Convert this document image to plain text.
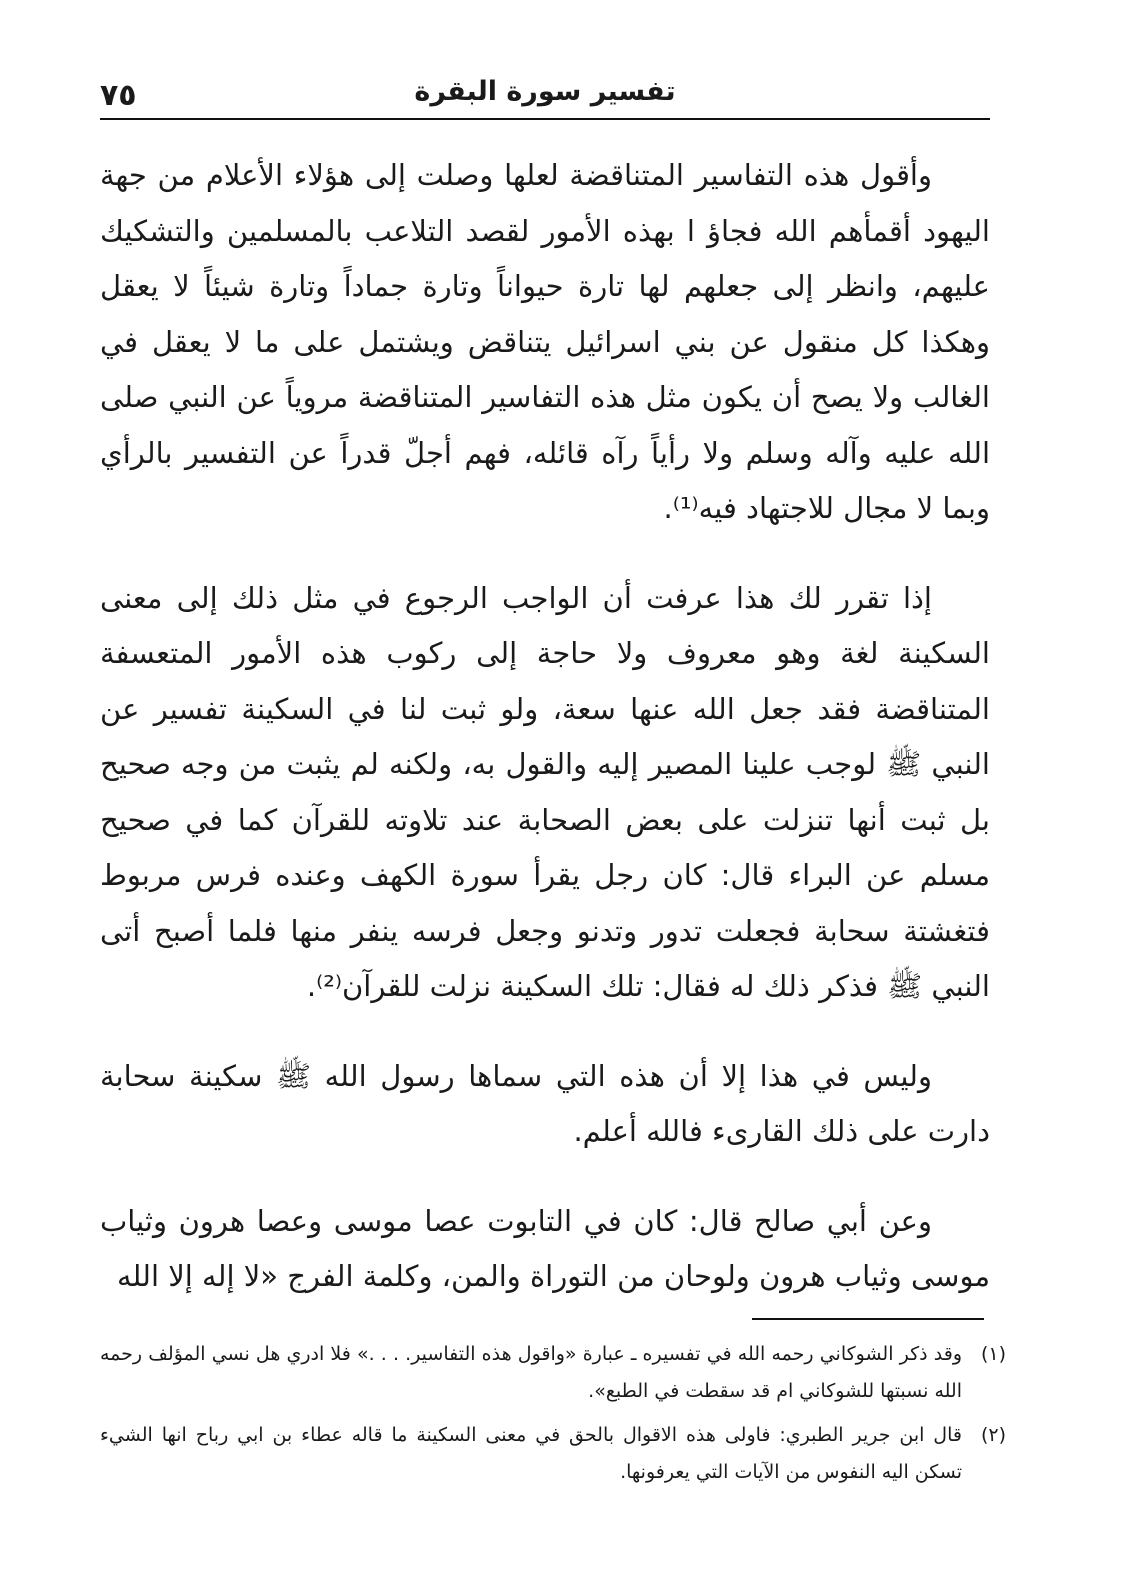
٧٥	تفسير سورة البقرة

وأقول هذه التفاسير المتناقضة لعلها وصلت إلى هؤلاء الأعلام من جهة اليهود أقمأهم الله فجاؤ ا بهذه الأمور لقصد التلاعب بالمسلمين والتشكيك عليهم، وانظر إلى جعلهم لها تارة حيواناً وتارة جماداً وتارة شيئاً لا يعقل وهكذا كل منقول عن بني اسرائيل يتناقض ويشتمل على ما لا يعقل في الغالب ولا يصح أن يكون مثل هذه التفاسير المتناقضة مروياً عن النبي صلى الله عليه وآله وسلم ولا رأياً رآه قائله، فهم أجلّ قدراً عن التفسير بالرأي وبما لا مجال للاجتهاد فيه⁽¹⁾.

إذا تقرر لك هذا عرفت أن الواجب الرجوع في مثل ذلك إلى معنى السكينة لغة وهو معروف ولا حاجة إلى ركوب هذه الأمور المتعسفة المتناقضة فقد جعل الله عنها سعة، ولو ثبت لنا في السكينة تفسير عن النبي ﷺ لوجب علينا المصير إليه والقول به، ولكنه لم يثبت من وجه صحيح بل ثبت أنها تنزلت على بعض الصحابة عند تلاوته للقرآن كما في صحيح مسلم عن البراء قال: كان رجل يقرأ سورة الكهف وعنده فرس مربوط فتغشتة سحابة فجعلت تدور وتدنو وجعل فرسه ينفر منها فلما أصبح أتى النبي ﷺ فذكر ذلك له فقال: تلك السكينة نزلت للقرآن⁽²⁾.

وليس في هذا إلا أن هذه التي سماها رسول الله ﷺ سكينة سحابة دارت على ذلك القارىء فالله أعلم.

وعن أبي صالح قال: كان في التابوت عصا موسى وعصا هرون وثياب موسى وثياب هرون ولوحان من التوراة والمن، وكلمة الفرج «لا إله إلا الله

(١)وقد ذكر الشوكاني رحمه الله في تفسيره ـ عبارة «واقول هذه التفاسير. . . .» فلا ادري هل نسي المؤلف رحمه الله نسبتها للشوكاني ام قد سقطت في الطبع».

(٢)قال ابن جرير الطبري: فاولى هذه الاقوال بالحق في معنى السكينة ما قاله عطاء بن ابي رباح انها الشيء تسكن اليه النفوس من الآيات التي يعرفونها.
